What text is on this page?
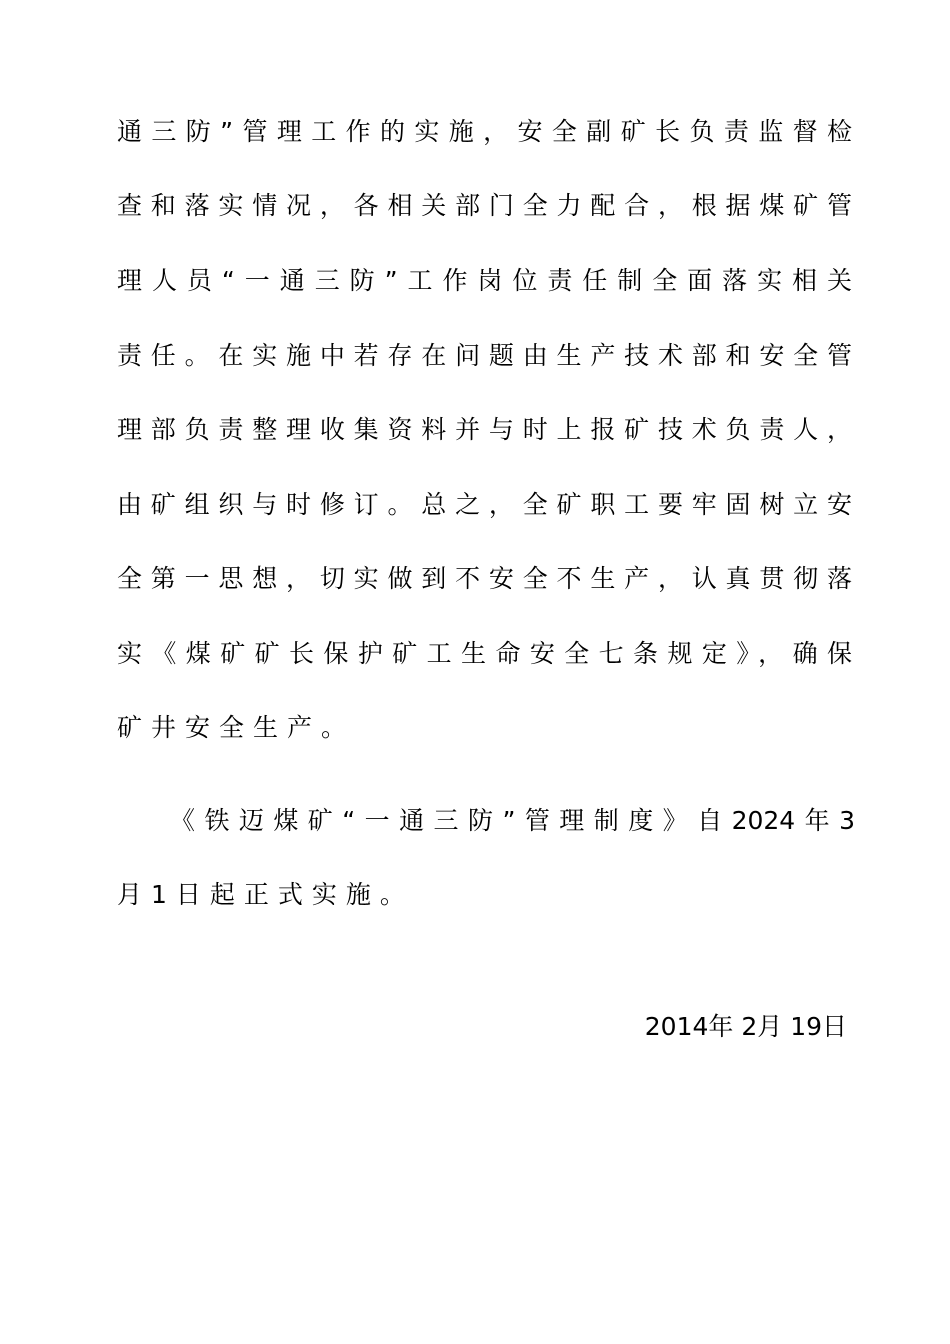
通三防”管理工作的实施，安全副矿长负责监督检
查和落实情况，各相关部门全力配合，根据煤矿管
理人员“一通三防”工作岗位责任制全面落实相关
责任。在实施中若存在问题由生产技术部和安全管
理部负责整理收集资料并与时上报矿技术负责人，
由矿组织与时修订。总之，全矿职工要牢固树立安
全第一思想，切实做到不安全不生产，认真贯彻落
实《煤矿矿长保护矿工生命安全七条规定》，确保
矿井安全生产。
《铁迈煤矿“一通三防”管理制度》自2024年3
月1日起正式实施。
2014年 2月 19日
